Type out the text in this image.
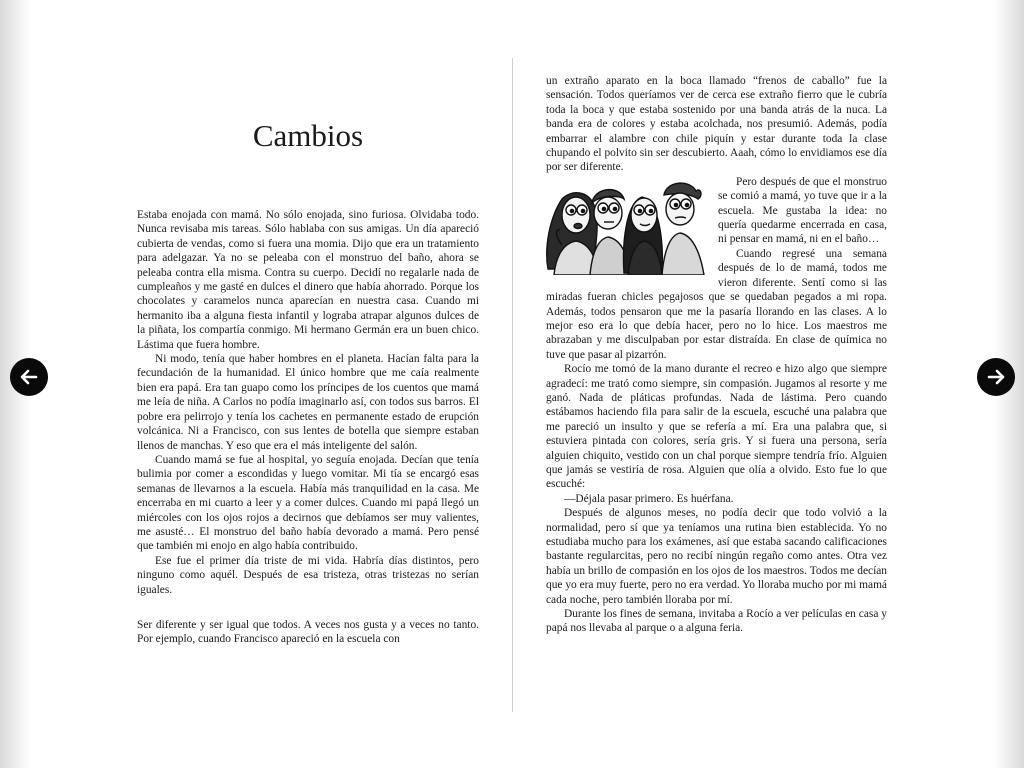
Cambios

Estaba enojada con mamá. No sólo enojada, sino furiosa. Olvidaba todo. Nunca revisaba mis tareas. Sólo hablaba con sus amigas. Un día apareció cubierta de vendas, como si fuera una momia. Dijo que era un tratamiento para adelgazar. Ya no se peleaba con el monstruo del baño, ahora se peleaba contra ella misma. Contra su cuerpo. Decidí no regalarle nada de cumpleaños y me gasté en dulces el dinero que había ahorrado. Porque los chocolates y caramelos nunca aparecían en nuestra casa. Cuando mi hermanito iba a alguna fiesta infantil y lograba atrapar algunos dulces de la piñata, los compartía conmigo. Mi hermano Germán era un buen chico. Lástima que fuera hombre.

Ni modo, tenía que haber hombres en el planeta. Hacían falta para la fecundación de la humanidad. El único hombre que me caía realmente bien era papá. Era tan guapo como los príncipes de los cuentos que mamá me leía de niña. A Carlos no podía imaginarlo así, con todos sus barros. El pobre era pelirrojo y tenía los cachetes en permanente estado de erupción volcánica. Ni a Francisco, con sus lentes de botella que siempre estaban llenos de manchas. Y eso que era el más inteligente del salón.

Cuando mamá se fue al hospital, yo seguía enojada. Decían que tenía bulimia por comer a escondidas y luego vomitar. Mi tía se encargó esas semanas de llevarnos a la escuela. Había más tranquilidad en la casa. Me encerraba en mi cuarto a leer y a comer dulces. Cuando mi papá llegó un miércoles con los ojos rojos a decirnos que debíamos ser muy valientes, me asusté… El monstruo del baño había devorado a mamá. Pero pensé que también mi enojo en algo había contribuido.

Ese fue el primer día triste de mi vida. Habría días distintos, pero ninguno como aquél. Después de esa tristeza, otras tristezas no serían iguales.

Ser diferente y ser igual que todos. A veces nos gusta y a veces no tanto. Por ejemplo, cuando Francisco apareció en la escuela con

un extraño aparato en la boca llamado “frenos de caballo” fue la sensación. Todos queríamos ver de cerca ese extraño fierro que le cubría toda la boca y que estaba sostenido por una banda atrás de la nuca. La banda era de colores y estaba acolchada, nos presumió. Además, podía embarrar el alambre con chile piquín y estar durante toda la clase chupando el polvito sin ser descubierto. Aaah, cómo lo envidiamos ese día por ser diferente.

Pero después de que el monstruo se comió a mamá, yo tuve que ir a la escuela. Me gustaba la idea: no quería quedarme encerrada en casa, ni pensar en mamá, ni en el baño…

Cuando regresé una semana después de lo de mamá, todos me vieron diferente. Sentí como si las miradas fueran chicles pegajosos que se quedaban pegados a mi ropa. Además, todos pensaron que me la pasaría llorando en las clases. A lo mejor eso era lo que debía hacer, pero no lo hice. Los maestros me abrazaban y me disculpaban por estar distraída. En clase de química no tuve que pasar al pizarrón.

Rocío me tomó de la mano durante el recreo e hizo algo que siempre agradecí: me trató como siempre, sin compasión. Jugamos al resorte y me ganó. Nada de pláticas profundas. Nada de lástima. Pero cuando estábamos haciendo fila para salir de la escuela, escuché una palabra que me pareció un insulto y que se refería a mí. Era una palabra que, si estuviera pintada con colores, sería gris. Y si fuera una persona, sería alguien chiquito, vestido con un chal porque siempre tendría frío. Alguien que jamás se vestiría de rosa. Alguien que olía a olvido. Esto fue lo que escuché:

—Déjala pasar primero. Es huérfana.

Después de algunos meses, no podía decir que todo volvió a la normalidad, pero sí que ya teníamos una rutina bien establecida. Yo no estudiaba mucho para los exámenes, así que estaba sacando calificaciones bastante regularcitas, pero no recibí ningún regaño como antes. Otra vez había un brillo de compasión en los ojos de los maestros. Todos me decían que yo era muy fuerte, pero no era verdad. Yo lloraba mucho por mi mamá cada noche, pero también lloraba por mí.

Durante los fines de semana, invitaba a Rocío a ver películas en casa y papá nos llevaba al parque o a alguna feria.
